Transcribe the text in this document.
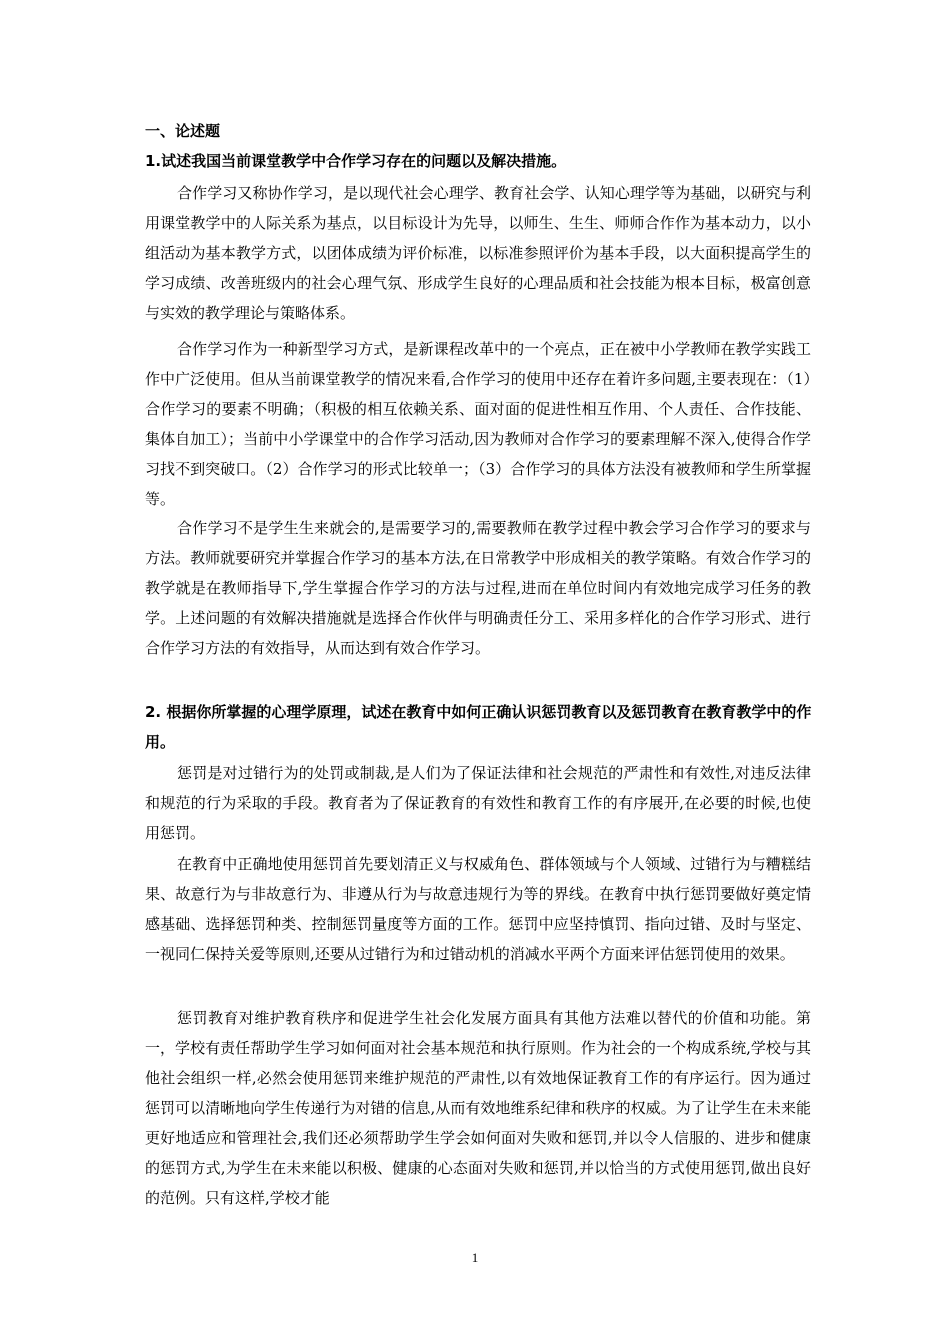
一、论述题
1.试述我国当前课堂教学中合作学习存在的问题以及解决措施。

合作学习又称协作学习，是以现代社会心理学、教育社会学、认知心理学等为基础，以研究与利用课堂教学中的人际关系为基点，以目标设计为先导，以师生、生生、师师合作作为基本动力，以小组活动为基本教学方式，以团体成绩为评价标准，以标准参照评价为基本手段，以大面积提高学生的学习成绩、改善班级内的社会心理气氛、形成学生良好的心理品质和社会技能为根本目标，极富创意与实效的教学理论与策略体系。

合作学习作为一种新型学习方式，是新课程改革中的一个亮点，正在被中小学教师在教学实践工作中广泛使用。但从当前课堂教学的情况来看,合作学习的使用中还存在着许多问题,主要表现在：（1）合作学习的要素不明确；（积极的相互依赖关系、面对面的促进性相互作用、个人责任、合作技能、集体自加工）；当前中小学课堂中的合作学习活动,因为教师对合作学习的要素理解不深入,使得合作学习找不到突破口。（2）合作学习的形式比较单一；（3）合作学习的具体方法没有被教师和学生所掌握等。

合作学习不是学生生来就会的,是需要学习的,需要教师在教学过程中教会学习合作学习的要求与方法。教师就要研究并掌握合作学习的基本方法,在日常教学中形成相关的教学策略。有效合作学习的教学就是在教师指导下,学生掌握合作学习的方法与过程,进而在单位时间内有效地完成学习任务的教学。上述问题的有效解决措施就是选择合作伙伴与明确责任分工、采用多样化的合作学习形式、进行合作学习方法的有效指导，从而达到有效合作学习。

2. 根据你所掌握的心理学原理，试述在教育中如何正确认识惩罚教育以及惩罚教育在教育教学中的作用。

惩罚是对过错行为的处罚或制裁,是人们为了保证法律和社会规范的严肃性和有效性,对违反法律和规范的行为采取的手段。教育者为了保证教育的有效性和教育工作的有序展开,在必要的时候,也使用惩罚。

在教育中正确地使用惩罚首先要划清正义与权威角色、群体领域与个人领域、过错行为与糟糕结果、故意行为与非故意行为、非遵从行为与故意违规行为等的界线。在教育中执行惩罚要做好奠定情感基础、选择惩罚种类、控制惩罚量度等方面的工作。惩罚中应坚持慎罚、指向过错、及时与坚定、一视同仁保持关爱等原则,还要从过错行为和过错动机的消减水平两个方面来评估惩罚使用的效果。

惩罚教育对维护教育秩序和促进学生社会化发展方面具有其他方法难以替代的价值和功能。第一，学校有责任帮助学生学习如何面对社会基本规范和执行原则。作为社会的一个构成系统,学校与其他社会组织一样,必然会使用惩罚来维护规范的严肃性,以有效地保证教育工作的有序运行。因为通过惩罚可以清晰地向学生传递行为对错的信息,从而有效地维系纪律和秩序的权威。为了让学生在未来能更好地适应和管理社会,我们还必须帮助学生学会如何面对失败和惩罚,并以令人信服的、进步和健康的惩罚方式,为学生在未来能以积极、健康的心态面对失败和惩罚,并以恰当的方式使用惩罚,做出良好的范例。只有这样,学校才能

1
